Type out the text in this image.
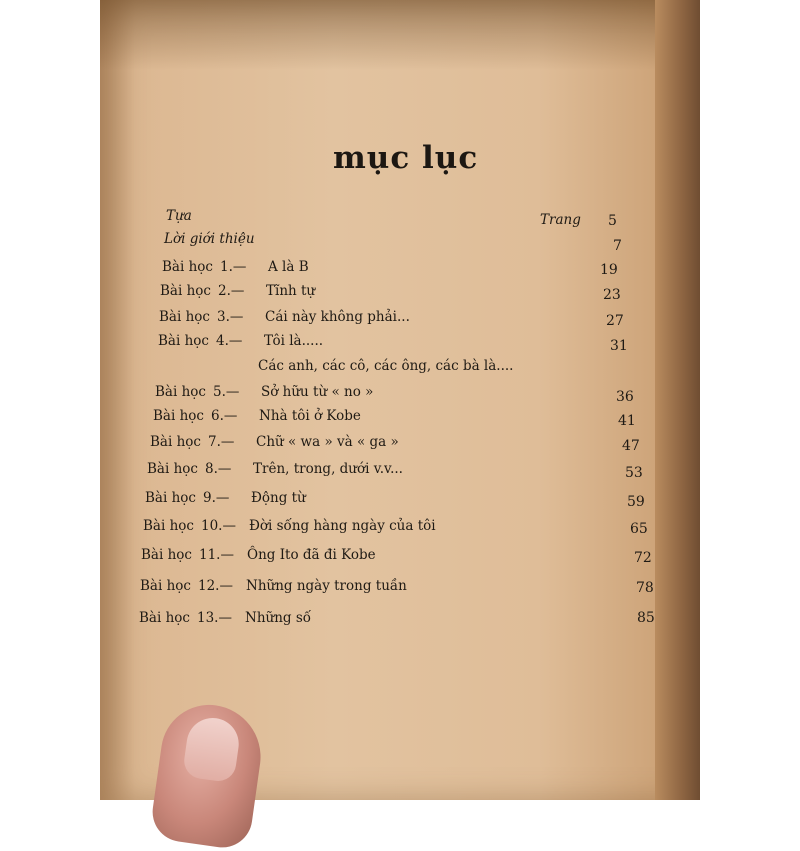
mục lục
Tựa	Trang 5
Lời giới thiệu	7
Bài học 1.— A là B	19
Bài học 2.— Tĩnh tự	23
Bài học 3.— Cái này không phải...	27
Bài học 4.— Tôi là.....	31
Các anh, các cô, các ông, các bà là....
Bài học 5.— Sở hữu từ « no »	36
Bài học 6.— Nhà tôi ở Kobe	41
Bài học 7.— Chữ « wa » và « ga »	47
Bài học 8.— Trên, trong, dưới v.v...	53
Bài học 9.— Động từ	59
Bài học 10.— Đời sống hàng ngày của tôi	65
Bài học 11.— Ông Ito đã đi Kobe	72
Bài học 12.— Những ngày trong tuần	78
Bài học 13.— Những số	85
